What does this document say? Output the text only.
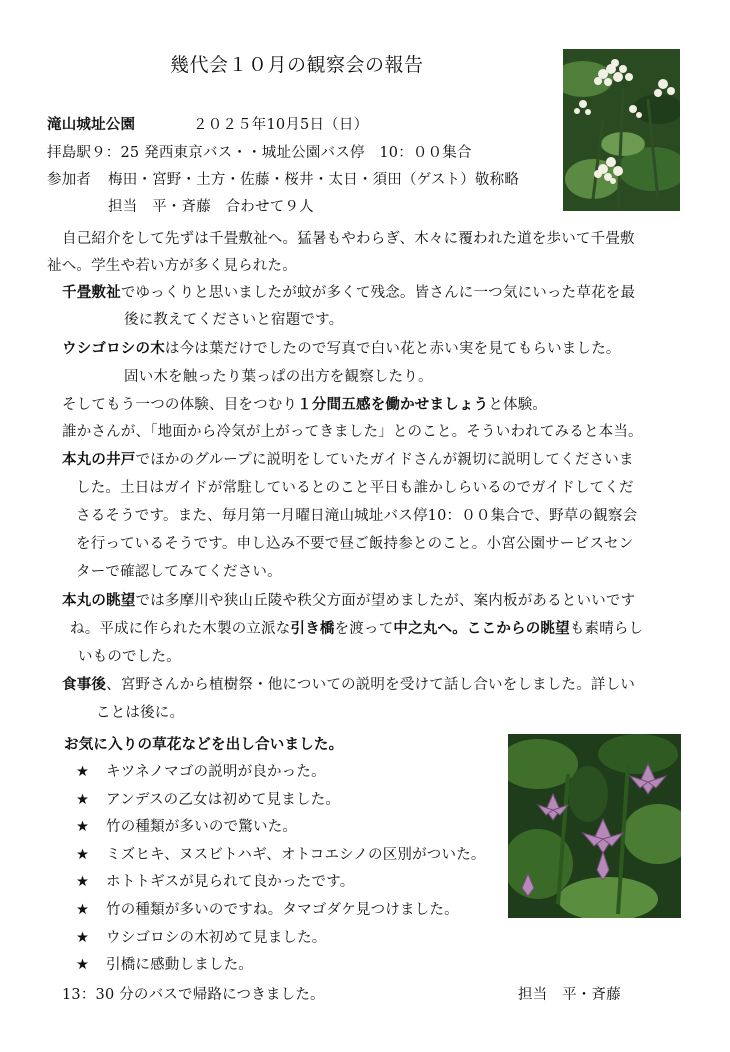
幾代会１０月の観察会の報告
滝山城址公園	２０２５年10月5日（日）
拝島駅９：25 発西東京バス・・城址公園バス停　10：００集合
参加者 梅田・宮野・土方・佐藤・桜井・太日・須田（ゲスト）敬称略
担当　平・斉藤　合わせて９人
自己紹介をして先ずは千畳敷祉へ。猛暑もやわらぎ、木々に覆われた道を歩いて千畳敷
祉へ。学生や若い方が多く見られた。
千畳敷祉でゆっくりと思いましたが蚊が多くて残念。皆さんに一つ気にいった草花を最
後に教えてくださいと宿題です。
ウシゴロシの木は今は葉だけでしたので写真で白い花と赤い実を見てもらいました。
固い木を触ったり葉っぱの出方を観察したり。
そしてもう一つの体験、目をつむり１分間五感を働かせましょうと体験。
誰かさんが、「地面から冷気が上がってきました」とのこと。そういわれてみると本当。
本丸の井戸でほかのグループに説明をしていたガイドさんが親切に説明してくださいま
した。土日はガイドが常駐しているとのこと平日も誰かしらいるのでガイドしてくだ
さるそうです。また、毎月第一月曜日滝山城址バス停10：００集合で、野草の観察会
を行っているそうです。申し込み不要で昼ご飯持参とのこと。小宮公園サービスセン
ターで確認してみてください。
本丸の眺望では多摩川や狭山丘陵や秩父方面が望めましたが、案内板があるといいです
ね。平成に作られた木製の立派な引き橋を渡って中之丸へ。ここからの眺望も素晴らし
いものでした。
食事後、宮野さんから植樹祭・他についての説明を受けて話し合いをしました。詳しい
ことは後に。
お気に入りの草花などを出し合いました。
★ キツネノマゴの説明が良かった。
★ アンデスの乙女は初めて見ました。
★ 竹の種類が多いので驚いた。
★ ミズヒキ、ヌスビトハギ、オトコエシノの区別がついた。
★ ホトトギスが見られて良かったです。
★ 竹の種類が多いのですね。タマゴダケ見つけました。
★ ウシゴロシの木初めて見ました。
★ 引橋に感動しました。
13：30 分のバスで帰路につきました。	担当　平・斉藤
